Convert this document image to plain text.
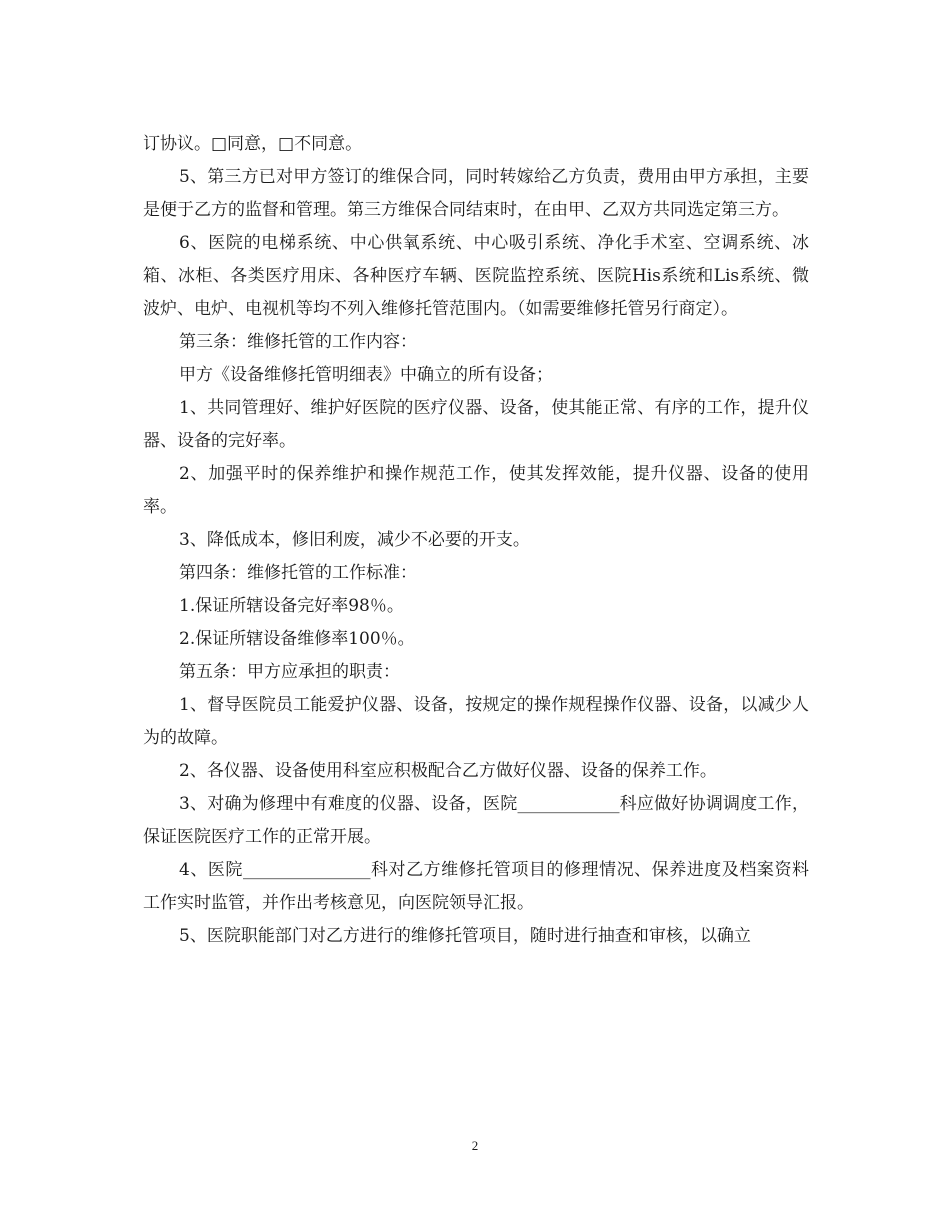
订协议。□同意，□不同意。

5、第三方已对甲方签订的维保合同，同时转嫁给乙方负责，费用由甲方承担，主要是便于乙方的监督和管理。第三方维保合同结束时，在由甲、乙双方共同选定第三方。

6、医院的电梯系统、中心供氧系统、中心吸引系统、净化手术室、空调系统、冰箱、冰柜、各类医疗用床、各种医疗车辆、医院监控系统、医院His系统和Lis系统、微波炉、电炉、电视机等均不列入维修托管范围内。（如需要维修托管另行商定）。

第三条：维修托管的工作内容：

甲方《设备维修托管明细表》中确立的所有设备；

1、共同管理好、维护好医院的医疗仪器、设备，使其能正常、有序的工作，提升仪器、设备的完好率。

2、加强平时的保养维护和操作规范工作，使其发挥效能，提升仪器、设备的使用率。

3、降低成本，修旧利废，减少不必要的开支。

第四条：维修托管的工作标准：

1.保证所辖设备完好率98％。

2.保证所辖设备维修率100％。

第五条：甲方应承担的职责：

1、督导医院员工能爱护仪器、设备，按规定的操作规程操作仪器、设备，以减少人为的故障。

2、各仪器、设备使用科室应积极配合乙方做好仪器、设备的保养工作。

3、对确为修理中有难度的仪器、设备，医院____________科应做好协调调度工作，保证医院医疗工作的正常开展。

4、医院_______________科对乙方维修托管项目的修理情况、保养进度及档案资料工作实时监管，并作出考核意见，向医院领导汇报。

5、医院职能部门对乙方进行的维修托管项目，随时进行抽查和审核，以确立

2
